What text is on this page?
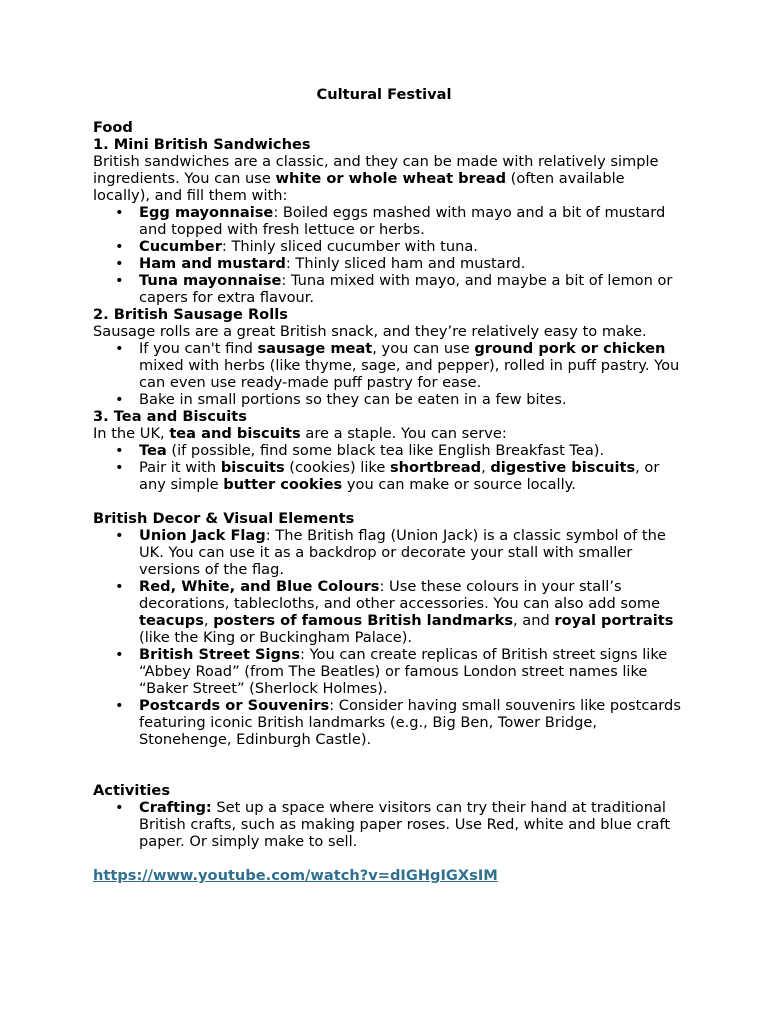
Cultural Festival

Food

1. Mini British Sandwiches

British sandwiches are a classic, and they can be made with relatively simple ingredients. You can use white or whole wheat bread (often available locally), and fill them with:

• Egg mayonnaise: Boiled eggs mashed with mayo and a bit of mustard and topped with fresh lettuce or herbs.
• Cucumber: Thinly sliced cucumber with tuna.
• Ham and mustard: Thinly sliced ham and mustard.
• Tuna mayonnaise: Tuna mixed with mayo, and maybe a bit of lemon or capers for extra flavour.

2. British Sausage Rolls

Sausage rolls are a great British snack, and they’re relatively easy to make.

• If you can't find sausage meat, you can use ground pork or chicken mixed with herbs (like thyme, sage, and pepper), rolled in puff pastry. You can even use ready-made puff pastry for ease.
• Bake in small portions so they can be eaten in a few bites.

3. Tea and Biscuits

In the UK, tea and biscuits are a staple. You can serve:

• Tea (if possible, find some black tea like English Breakfast Tea).
• Pair it with biscuits (cookies) like shortbread, digestive biscuits, or any simple butter cookies you can make or source locally.

British Decor & Visual Elements

• Union Jack Flag: The British flag (Union Jack) is a classic symbol of the UK. You can use it as a backdrop or decorate your stall with smaller versions of the flag.
• Red, White, and Blue Colours: Use these colours in your stall’s decorations, tablecloths, and other accessories. You can also add some teacups, posters of famous British landmarks, and royal portraits (like the King or Buckingham Palace).
• British Street Signs: You can create replicas of British street signs like “Abbey Road” (from The Beatles) or famous London street names like “Baker Street” (Sherlock Holmes).
• Postcards or Souvenirs: Consider having small souvenirs like postcards featuring iconic British landmarks (e.g., Big Ben, Tower Bridge, Stonehenge, Edinburgh Castle).

Activities

• Crafting: Set up a space where visitors can try their hand at traditional British crafts, such as making paper roses. Use Red, white and blue craft paper. Or simply make to sell.

https://www.youtube.com/watch?v=dIGHgIGXsIM
